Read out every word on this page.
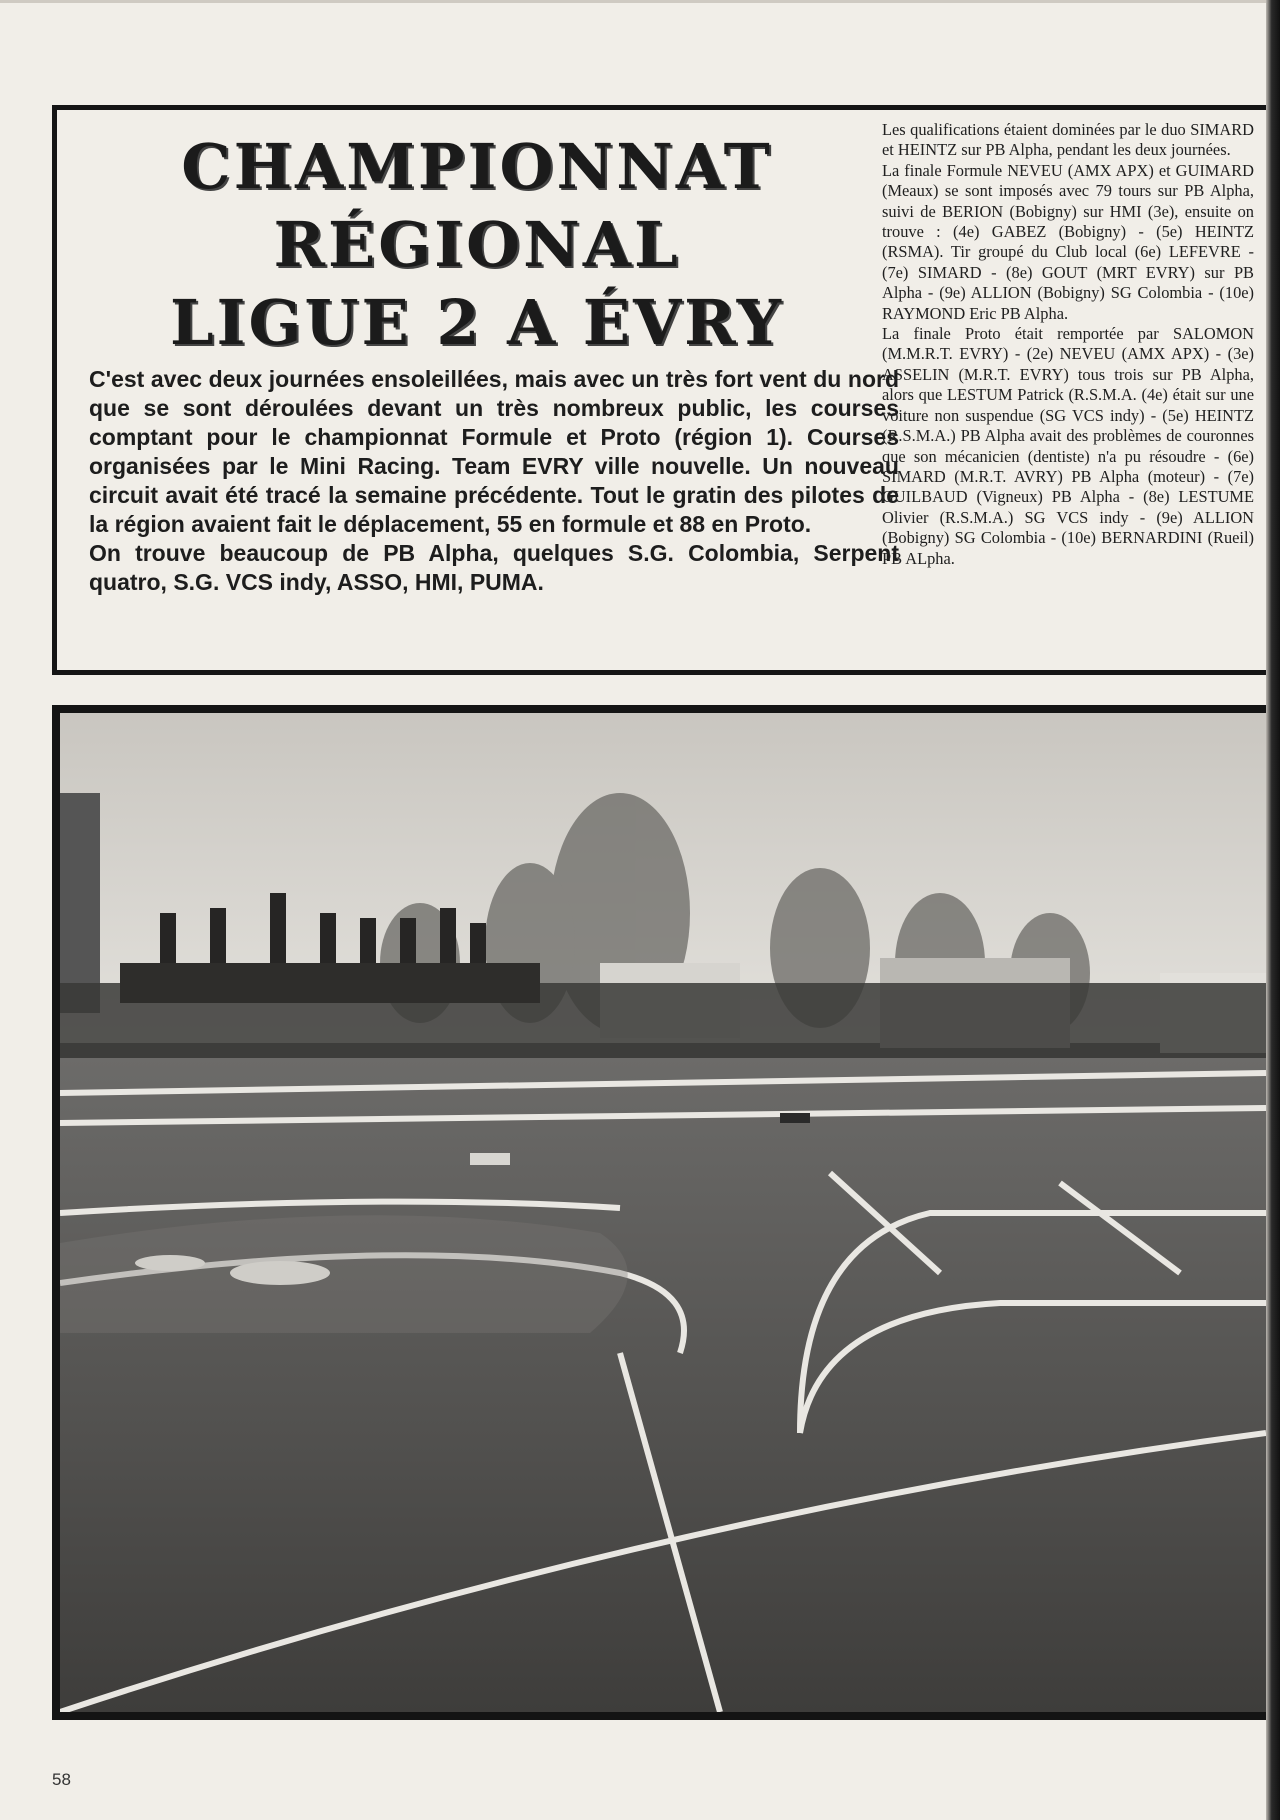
CHAMPIONNAT
RÉGIONAL
LIGUE 2 A ÉVRY

C'est avec deux journées ensoleillées, mais avec un très fort vent du nord que se sont déroulées devant un très nombreux public, les courses comptant pour le championnat Formule et Proto (région 1). Courses organisées par le Mini Racing. Team EVRY ville nouvelle. Un nouveau circuit avait été tracé la semaine précédente. Tout le gratin des pilotes de la région avaient fait le déplacement, 55 en formule et 88 en Proto.

On trouve beaucoup de PB Alpha, quelques S.G. Colombia, Serpent quatro, S.G. VCS indy, ASSO, HMI, PUMA.

Les qualifications étaient dominées par le duo SIMARD et HEINTZ sur PB Alpha, pendant les deux journées.

La finale Formule NEVEU (AMX APX) et GUIMARD (Meaux) se sont imposés avec 79 tours sur PB Alpha, suivi de BERION (Bobigny) sur HMI (3e), ensuite on trouve : (4e) GABEZ (Bobigny) - (5e) HEINTZ (RSMA). Tir groupé du Club local (6e) LEFEVRE - (7e) SIMARD - (8e) GOUT (MRT EVRY) sur PB Alpha - (9e) ALLION (Bobigny) SG Colombia - (10e) RAYMOND Eric PB Alpha.

La finale Proto était remportée par SALOMON (M.M.R.T. EVRY) - (2e) NEVEU (AMX APX) - (3e) ASSELIN (M.R.T. EVRY) tous trois sur PB Alpha, alors que LESTUM Patrick (R.S.M.A. (4e) était sur une voiture non suspendue (SG VCS indy) - (5e) HEINTZ (R.S.M.A.) PB Alpha avait des problèmes de couronnes que son mécanicien (dentiste) n'a pu résoudre - (6e) SIMARD (M.R.T. AVRY) PB Alpha (moteur) - (7e) GUILBAUD (Vigneux) PB Alpha - (8e) LESTUME Olivier (R.S.M.A.) SG VCS indy - (9e) ALLION (Bobigny) SG Colombia - (10e) BERNARDINI (Rueil) PB ALpha.

58
